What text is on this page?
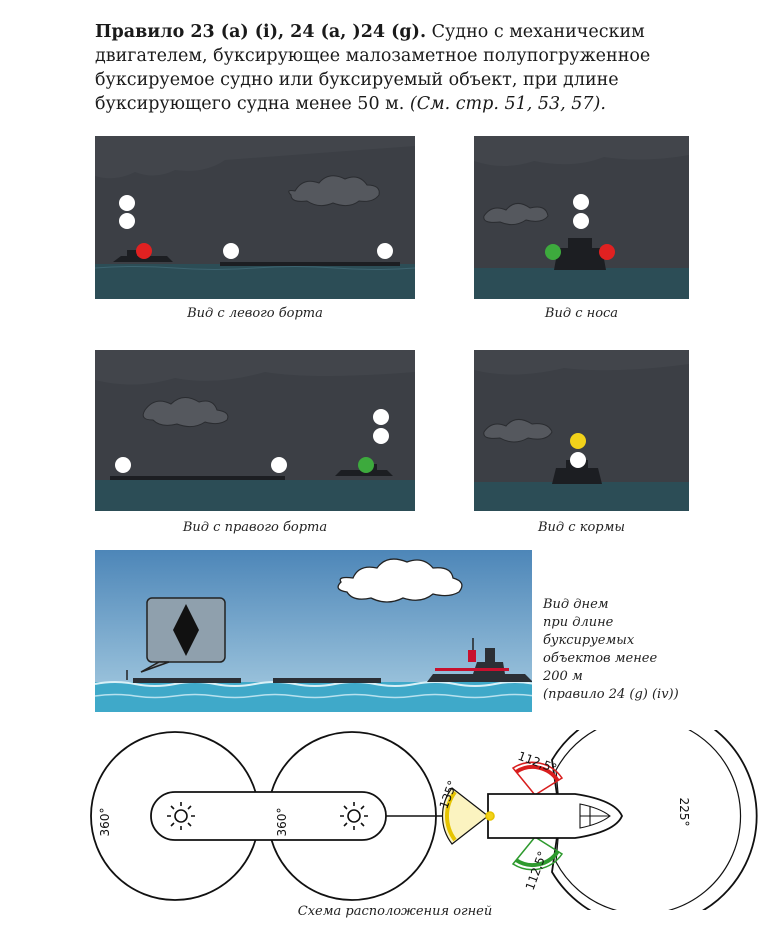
Правило 23 (a) (i), 24 (a, )24 (g). Судно с механическим двигателем, буксирующее малозаметное полупогруженное буксируемое судно или буксируемый объект, при длине буксирующего судна менее 50 м. (См. стр. 51, 53, 57).
Вид с левого борта	Вид с носа
Вид с правого борта	Вид с кормы
Вид днем
при длине
буксируемых
объектов менее
200 м
(правило 24 (g) (iv))
360°	360°
135°
112,5°
112,5°
225°
Схема расположения огней
